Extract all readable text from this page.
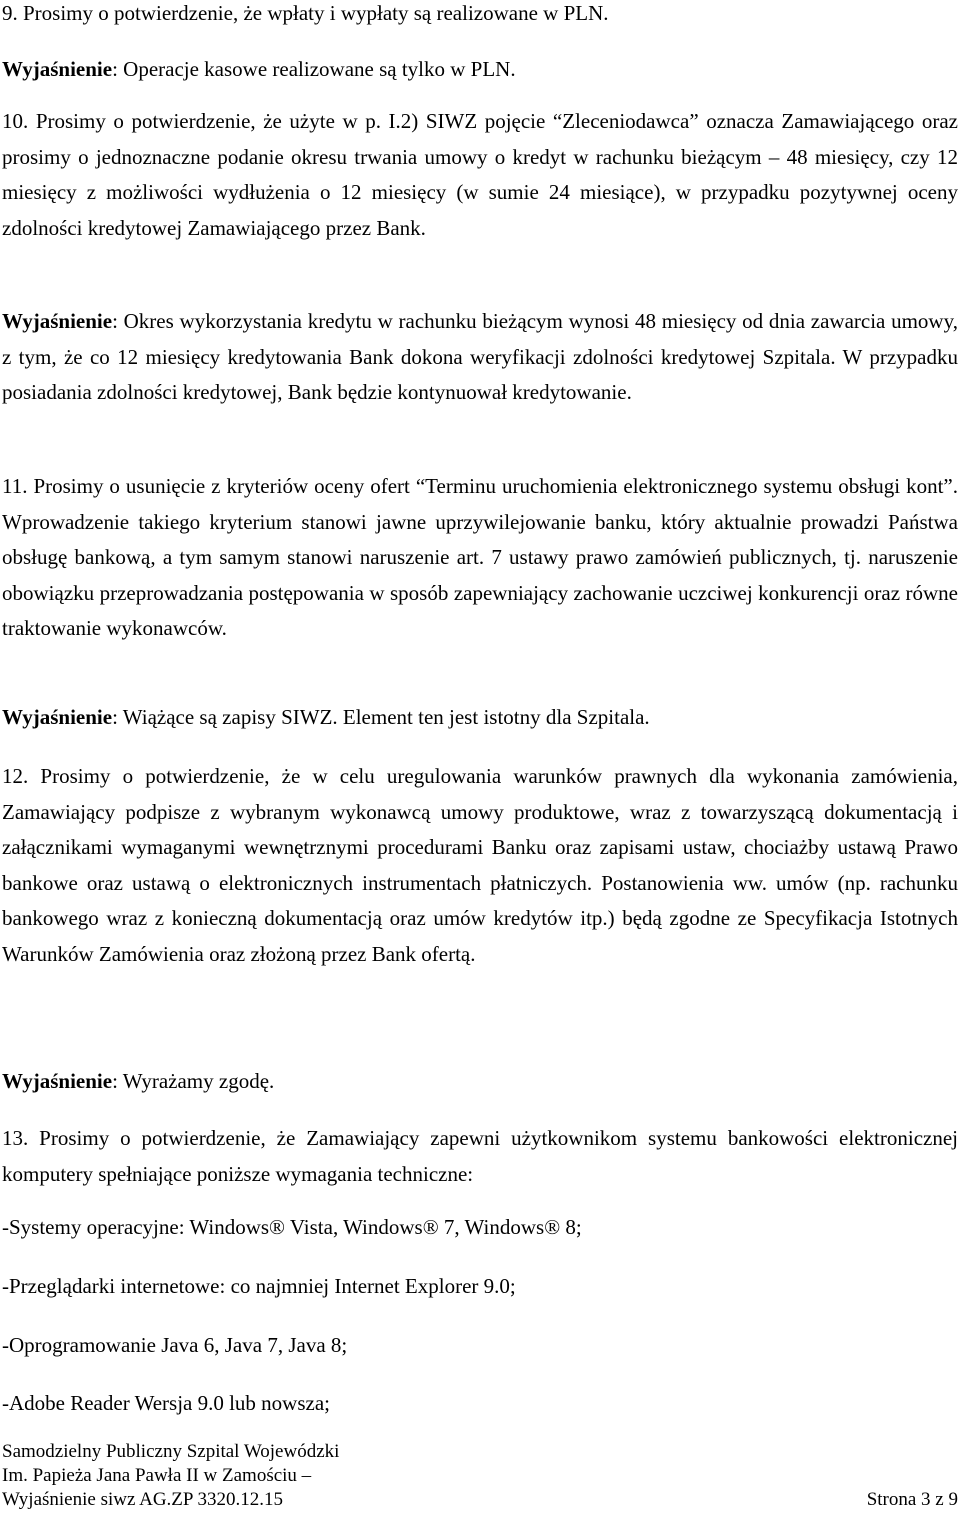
9. Prosimy o potwierdzenie, że wpłaty i wypłaty są realizowane w PLN.

Wyjaśnienie: Operacje kasowe realizowane są tylko w PLN.

10. Prosimy o potwierdzenie, że użyte w p. I.2) SIWZ pojęcie “Zleceniodawca” oznacza Zamawiającego oraz prosimy o jednoznaczne podanie okresu trwania umowy o kredyt w rachunku bieżącym – 48 miesięcy, czy 12 miesięcy z możliwości wydłużenia o 12 miesięcy (w sumie 24 miesiące), w przypadku pozytywnej oceny zdolności kredytowej Zamawiającego przez Bank.

Wyjaśnienie: Okres wykorzystania kredytu w rachunku bieżącym wynosi 48 miesięcy od dnia zawarcia umowy, z tym, że co 12 miesięcy kredytowania Bank dokona weryfikacji zdolności kredytowej Szpitala. W przypadku posiadania zdolności kredytowej, Bank będzie kontynuował kredytowanie.

11. Prosimy o usunięcie z kryteriów oceny ofert “Terminu uruchomienia elektronicznego systemu obsługi kont”. Wprowadzenie takiego kryterium stanowi jawne uprzywilejowanie banku, który aktualnie prowadzi Państwa obsługę bankową, a tym samym stanowi naruszenie art. 7 ustawy prawo zamówień publicznych, tj. naruszenie obowiązku przeprowadzania postępowania w sposób zapewniający zachowanie uczciwej konkurencji oraz równe traktowanie wykonawców.

Wyjaśnienie: Wiążące są zapisy SIWZ. Element ten jest istotny dla Szpitala.

12. Prosimy o potwierdzenie, że w celu uregulowania warunków prawnych dla wykonania zamówienia, Zamawiający podpisze z wybranym wykonawcą umowy produktowe, wraz z towarzyszącą dokumentacją i załącznikami wymaganymi wewnętrznymi procedurami Banku oraz zapisami ustaw, chociażby ustawą Prawo bankowe oraz ustawą o elektronicznych instrumentach płatniczych. Postanowienia ww. umów (np. rachunku bankowego wraz z konieczną dokumentacją oraz umów kredytów itp.) będą zgodne ze Specyfikacja Istotnych Warunków Zamówienia oraz złożoną przez Bank ofertą.

Wyjaśnienie: Wyrażamy zgodę.

13. Prosimy o potwierdzenie, że Zamawiający zapewni użytkownikom systemu bankowości elektronicznej komputery spełniające poniższe wymagania techniczne:

-Systemy operacyjne: Windows® Vista, Windows® 7, Windows® 8;

-Przeglądarki internetowe: co najmniej Internet Explorer 9.0;

-Oprogramowanie Java 6, Java 7, Java 8;

-Adobe Reader Wersja 9.0 lub nowsza;

Samodzielny Publiczny Szpital Wojewódzki
Im. Papieża Jana Pawła II w Zamościu –
Wyjaśnienie siwz AG.ZP 3320.12.15	Strona 3 z 9
